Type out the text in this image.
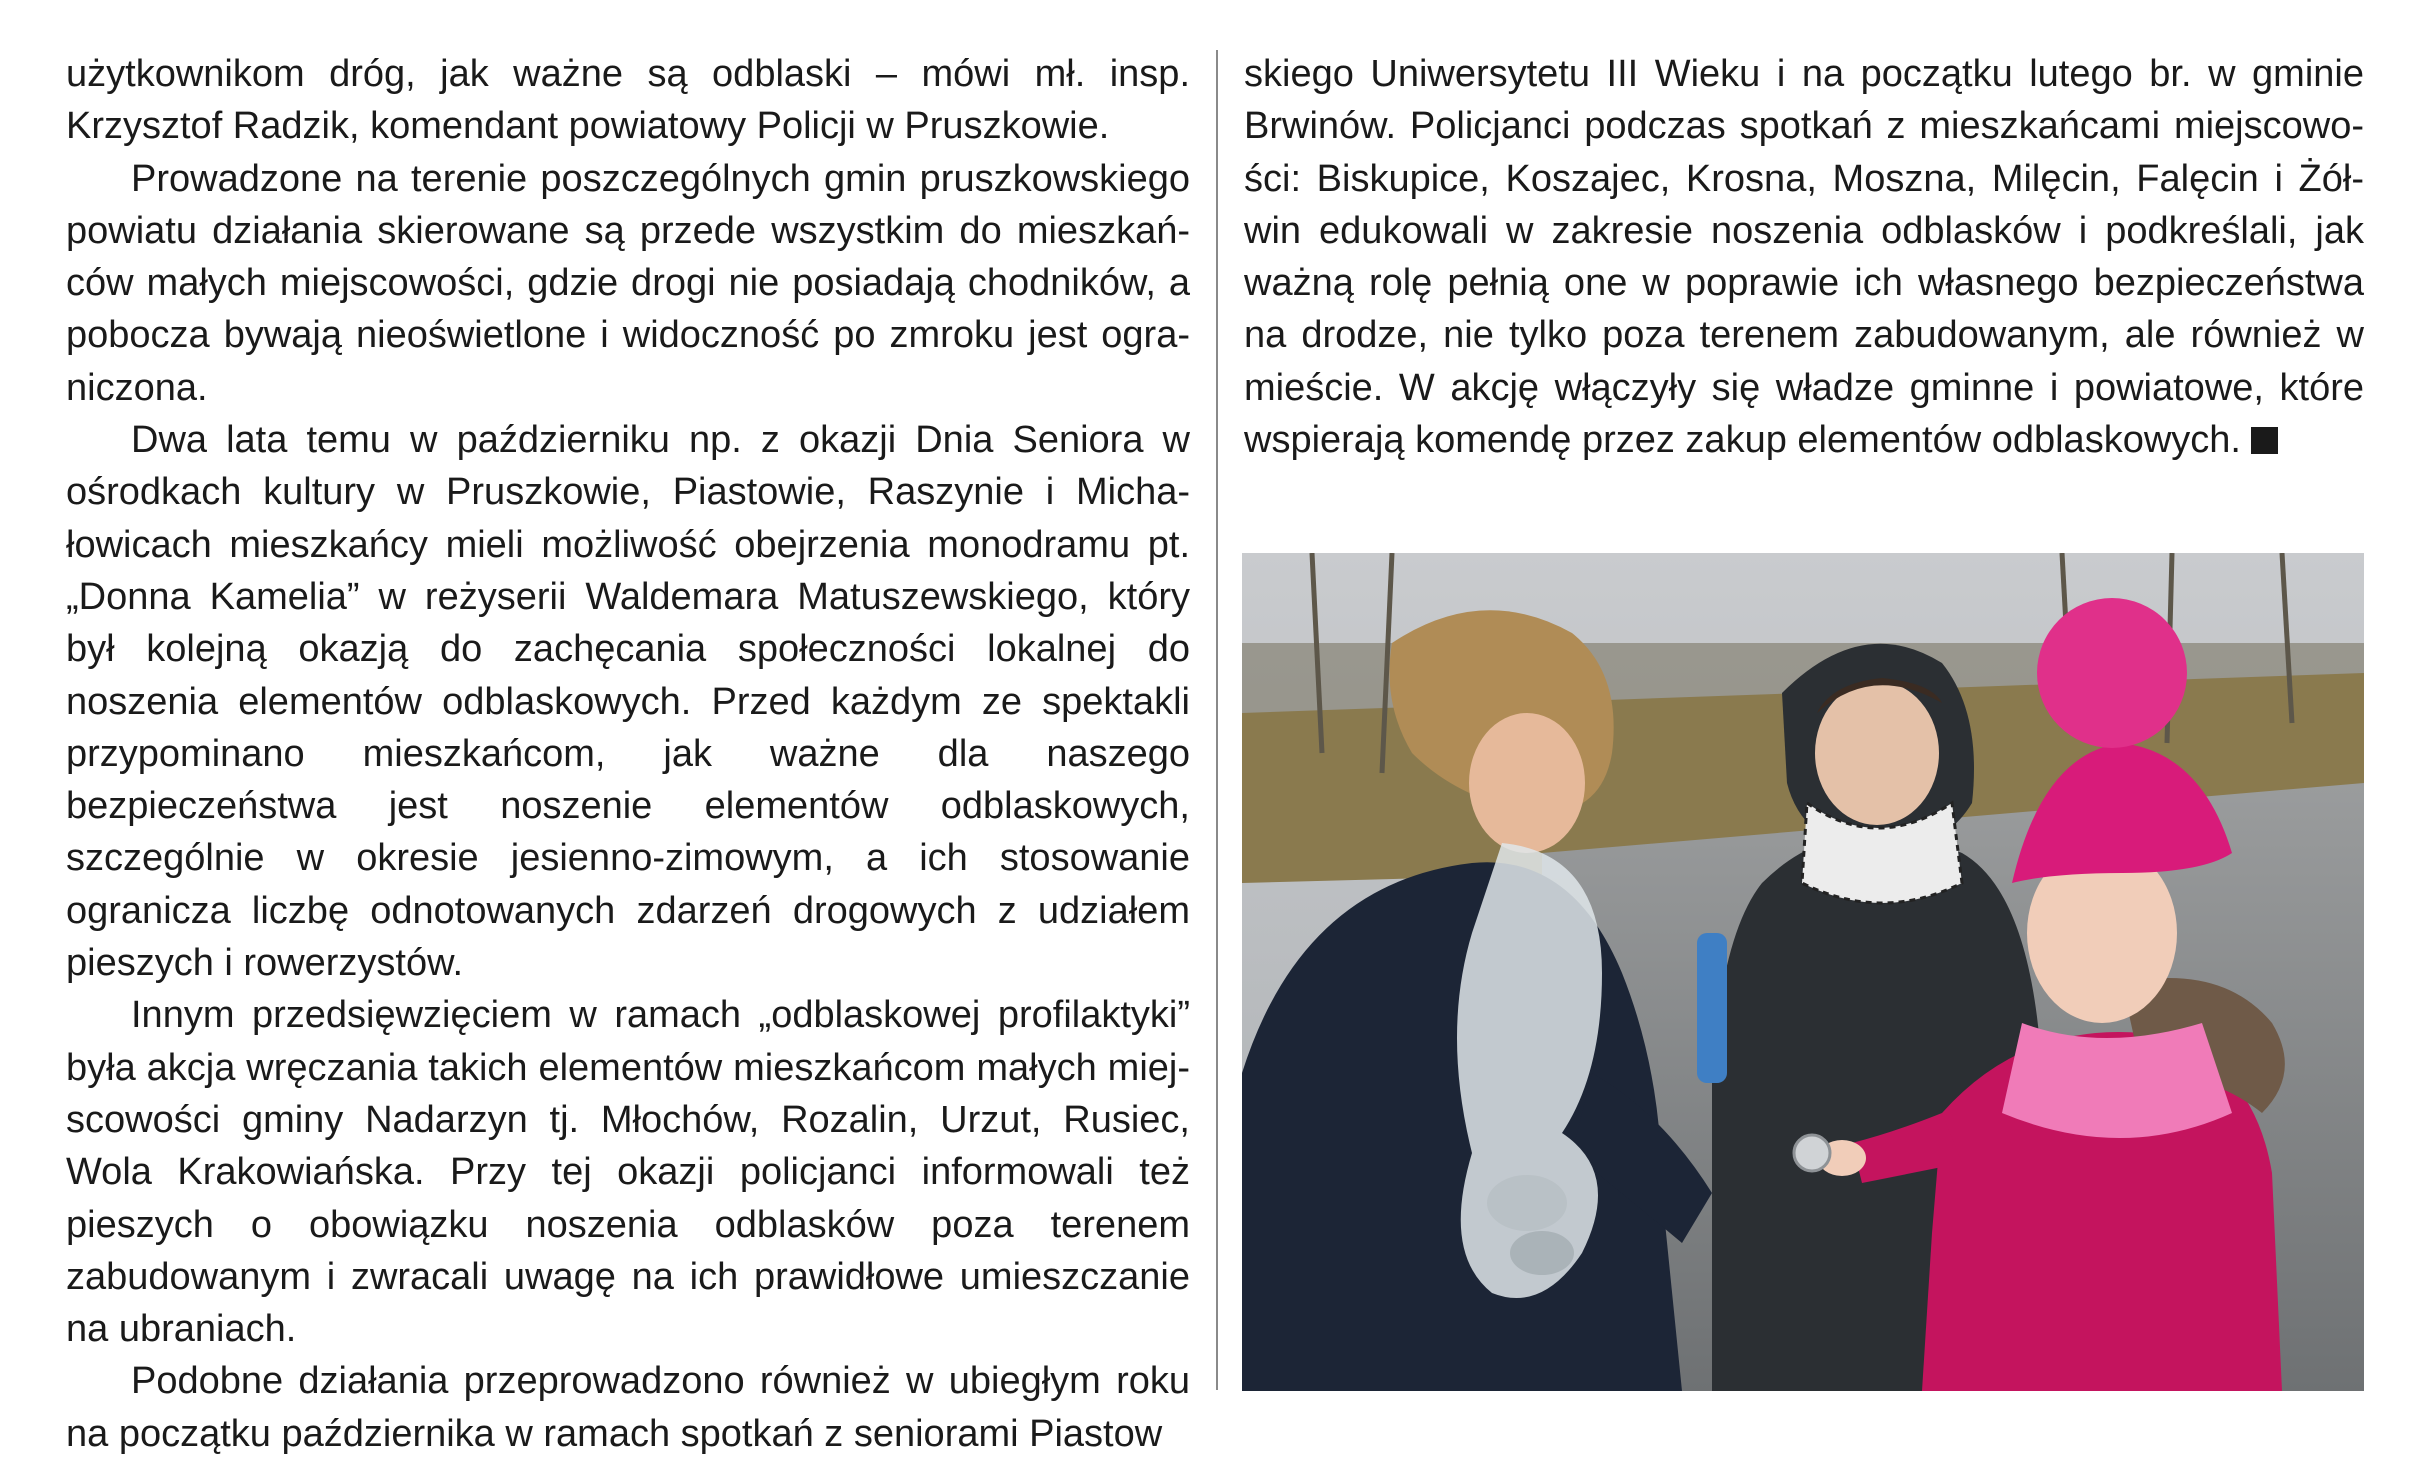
użytkownikom dróg, jak ważne są odblaski – mówi mł. insp. Krzysztof Radzik, komendant powiatowy Policji w Pruszkowie.

Prowadzone na terenie poszczególnych gmin pruszkowskiego powiatu działania skierowane są przede wszystkim do mieszkańców małych miejscowości, gdzie drogi nie posiadają chodników, a pobocza bywają nieoświetlone i widoczność po zmroku jest ograniczona.

Dwa lata temu w październiku np. z okazji Dnia Seniora w ośrodkach kultury w Pruszkowie, Piastowie, Raszynie i Michałowicach mieszkańcy mieli możliwość obejrzenia monodramu pt. „Donna Kamelia” w reżyserii Waldemara Matuszewskiego, który był kolejną okazją do zachęcania społeczności lokalnej do noszenia elementów odblaskowych. Przed każdym ze spektakli przypominano mieszkańcom, jak ważne dla naszego bezpieczeństwa jest noszenie elementów odblaskowych, szczególnie w okresie jesienno-zimowym, a ich stosowanie ogranicza liczbę odnotowanych zdarzeń drogowych z udziałem pieszych i rowerzystów.

Innym przedsięwzięciem w ramach „odblaskowej profilaktyki” była akcja wręczania takich elementów mieszkańcom małych miejscowości gminy Nadarzyn tj. Młochów, Rozalin, Urzut, Rusiec, Wola Krakowiańska. Przy tej okazji policjanci informowali też pieszych o obowiązku noszenia odblasków poza terenem zabudowanym i zwracali uwagę na ich prawidłowe umieszczanie na ubraniach.

Podobne działania przeprowadzono również w ubiegłym roku na początku października w ramach spotkań z seniorami Piastow

skiego Uniwersytetu III Wieku i na początku lutego br. w gminie Brwinów. Policjanci podczas spotkań z mieszkańcami miejscowości: Biskupice, Koszajec, Krosna, Moszna, Milęcin, Falęcin i Żółwin edukowali w zakresie noszenia odblasków i podkreślali, jak ważną rolę pełnią one w poprawie ich własnego bezpieczeństwa na drodze, nie tylko poza terenem zabudowanym, ale również w mieście. W akcję włączyły się władze gminne i powiatowe, które wspierają komendę przez zakup elementów odblaskowych.
